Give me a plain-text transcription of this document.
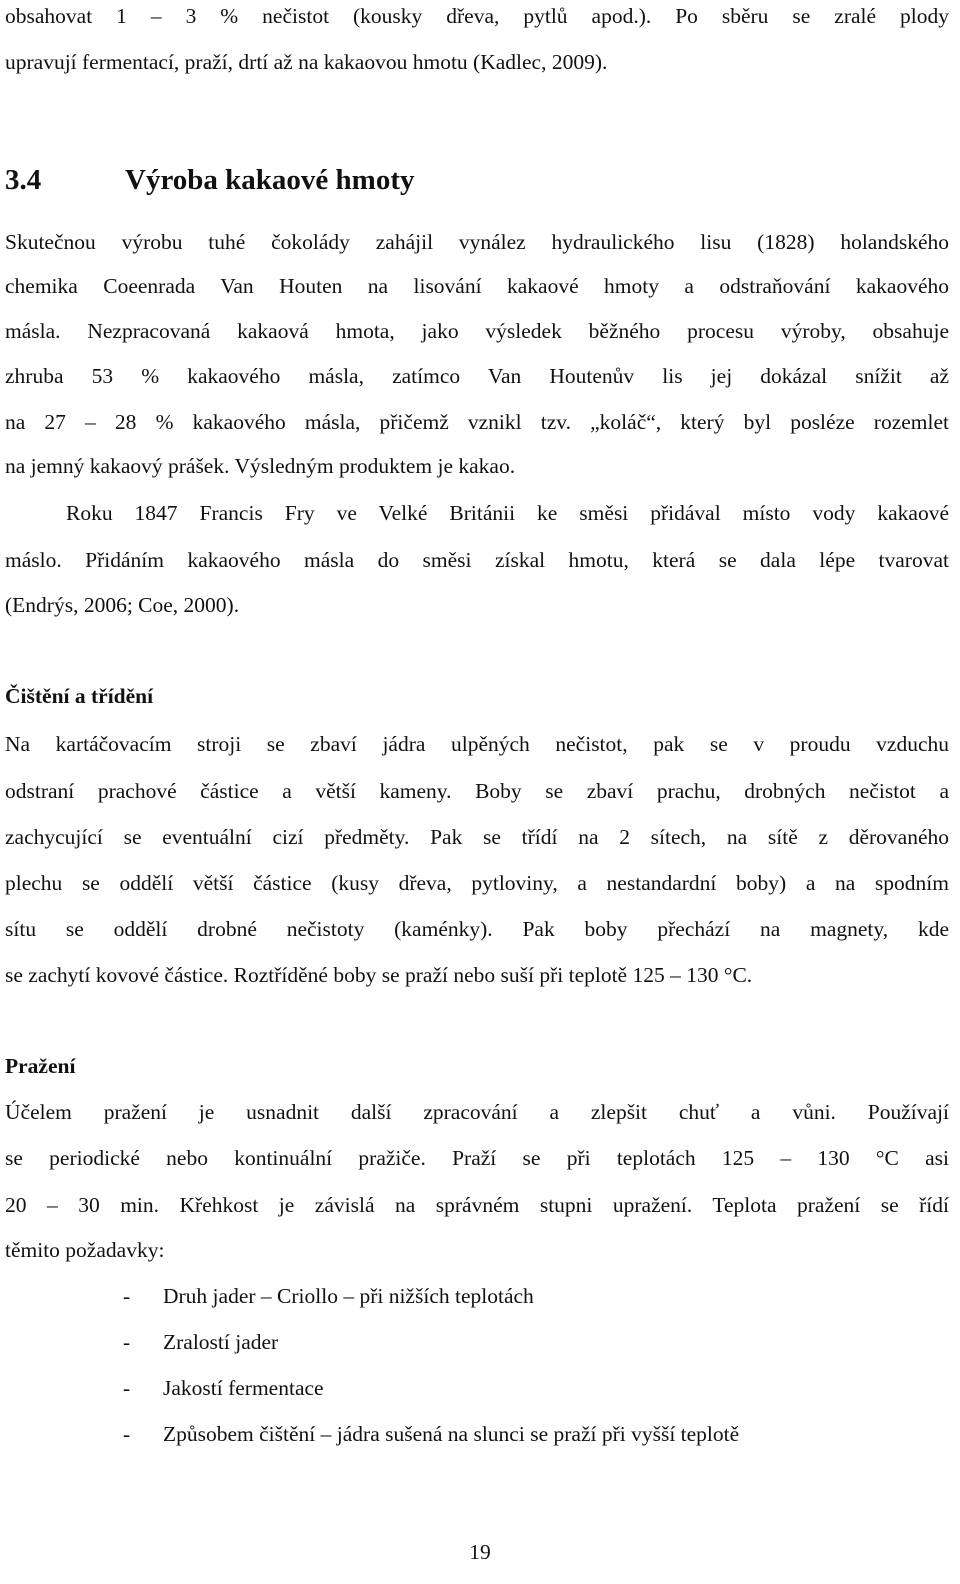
obsahovat 1 – 3 % nečistot (kousky dřeva, pytlů apod.). Po sběru se zralé plody
upravují fermentací, praží, drtí až na kakaovou hmotu (Kadlec, 2009).
3.4	Výroba kakaové hmoty
Skutečnou výrobu tuhé čokolády zahájil vynález hydraulického lisu (1828) holandského
chemika Coeenrada Van Houten na lisování kakaové hmoty a odstraňování kakaového
másla. Nezpracovaná kakaová hmota, jako výsledek běžného procesu výroby, obsahuje
zhruba 53 % kakaového másla, zatímco Van Houtenův lis jej dokázal snížit až
na 27 – 28 % kakaového másla, přičemž vznikl tzv. „koláč“, který byl posléze rozemlet
na jemný kakaový prášek. Výsledným produktem je kakao.
Roku 1847 Francis Fry ve Velké Británii ke směsi přidával místo vody kakaové
máslo. Přidáním kakaového másla do směsi získal hmotu, která se dala lépe tvarovat
(Endrýs, 2006; Coe, 2000).
Čištění a třídění
Na kartáčovacím stroji se zbaví jádra ulpěných nečistot, pak se v proudu vzduchu
odstraní prachové částice a větší kameny. Boby se zbaví prachu, drobných nečistot a
zachycující se eventuální cizí předměty. Pak se třídí na 2 sítech, na sítě z děrovaného
plechu se oddělí větší částice (kusy dřeva, pytloviny, a nestandardní boby) a na spodním
sítu se oddělí drobné nečistoty (kaménky). Pak boby přechází na magnety, kde
se zachytí kovové částice. Roztříděné boby se praží nebo suší při teplotě 125 – 130 °C.
Pražení
Účelem pražení je usnadnit další zpracování a zlepšit chuť a vůni. Používají
se periodické nebo kontinuální pražiče. Praží se při teplotách 125 – 130 °C asi
20 – 30 min. Křehkost je závislá na správném stupni upražení. Teplota pražení se řídí
těmito požadavky:
- Druh jader – Criollo – při nižších teplotách
- Zralostí jader
- Jakostí fermentace
- Způsobem čištění – jádra sušená na slunci se praží při vyšší teplotě
19
